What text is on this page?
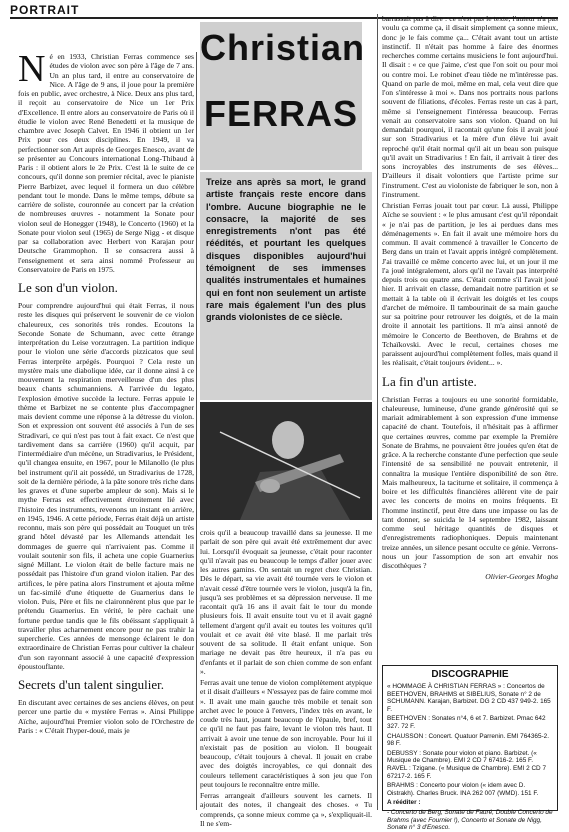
PORTRAIT
N é en 1933, Christian Ferras commence ses études de violon avec son père à l'âge de 7 ans. Un an plus tard, il entre au conservatoire de Nice. A l'âge de 9 ans, il joue pour la première fois en public, avec orchestre, à Nice. Deux ans plus tard, il reçoit au conservatoire de Nice un 1er Prix d'Excellence. Il entre alors au conservatoire de Paris où il étudie le violon avec René Benedetti et la musique de chambre avec Joseph Calvet. En 1946 il obtient un 1er Prix pour ces deux disciplines. En 1949, il va perfectionner son Art auprès de Georges Enesco, avant de se présenter au Concours international Long-Thibaud à Paris : il obtient alors le 2e Prix. C'est là le suite de ce concours, qu'il donne son premier récital, avec le pianiste Pierre Barbizet, avec lequel il formera un duo célèbre pendant tout le monde. Dans le même temps, débute sa carrière de soliste, couronnée au concert par la création de nombreuses œuvres - notamment la Sonate pour violon seul de Honegger (1948), le Concerto (1960) et la Sonate pour violon seul (1965) de Serge Nigg - et disque par sa collaboration avec Herbert von Karajan pour Deutsche Grammophon. Il se consacrera aussi à l'enseignement et sera ainsi nommé Professeur au Conservatoire de Paris en 1975.

Le son d'un violon.

Pour comprendre aujourd'hui qui était Ferras, il nous reste les disques qui préservent le souvenir de ce violon chaleureux, ces sonorités très rondes. Ecoutons la Seconde Sonate de Schumann, avec cette étrange interprétation du Leise vorzutragen. La partition indique pour le violon une série d'accords pizzicatos que seul Ferras interprète arpégés. Pourquoi ? Cela reste un mystère mais une diabolique idée, car il donne ainsi à ce mouvement la respiration merveilleuse d'un des plus beaux chants schumanniens. A l'arrivée du legato, l'explosion émotive succède la lecture. Ferras appuie le thème et Barbizet ne se contente plus d'accompagner mais devient comme une réponse à la détresse du violon. Son et expression ont souvent été associés à l'un de ses Stradivari, ce qui n'est pas tout à fait exact. Ce n'est que tardivement dans sa carrière (1960) qu'il acquit, par l'intermédiaire d'un mécène, un Stradivarius, le Président, qu'il changea ensuite, en 1967, pour le Milanollo (le plus bel instrument qu'il ait possédé, un Stradivarius de 1728, soit de la dernière période, à la pâte sonore très riche dans les graves et d'une superbe ampleur de son). Mais si le mythe Ferras est effectivement étroitement lié avec l'histoire des instruments, revenons un instant en arrière, en 1945, 1946. A cette période, Ferras était déjà un artiste reconnu, mais son père qui possédait au Touquet un très grand hôtel dévasté par les Allemands attendait les dommages de guerre qui n'arrivaient pas. Comme il voulait soutenir son fils, il acheta une copie Guarnerius signé Millant. Le violon était de belle facture mais ne possédait pas l'histoire d'un grand violon italien. Par des artifices, le père patina alors l'instrument et ajouta même un fac-similé d'une étiquette de Guarnerius dans le violon. Puis, Père et fils ne claironnèrent plus que par le prétendu Guarnerius. En vérité, le père cachait une fortune perdue tandis que le fils obéissant s'appliquait à travailler plus acharnement encore pour ne pas trahir la supercherie. Ces années de mensonge éclairent le don extraordinaire de Christian Ferras pour cultiver la chaleur d'un son rayonnant associé à une capacité d'expression époustouflante.

Secrets d'un talent singulier.

En discutant avec certaines de ses anciens élèves, on peut percer une partie du « mystère Ferras ». Ainsi Philippe Aïche, aujourd'hui Premier violon solo de l'Orchestre de Paris : « C'était l'hyper-doué, mais je

Christian
FERRAS
Treize ans après sa mort, le grand artiste français reste encore dans l'ombre. Aucune biographie ne le consacre, la majorité de ses enregistrements n'ont pas été réédités, et pourtant les quelques disques disponibles aujourd'hui témoignent de ses immenses qualités instrumentales et humaines qui en font non seulement un artiste rare mais également l'un des plus grands violonistes de ce siècle.

crois qu'il a beaucoup travaillé dans sa jeunesse. Il me parlait de son père qui avait été extrêmement dur avec lui. Lorsqu'il évoquait sa jeunesse, c'était pour raconter qu'il n'avait pas eu beaucoup le temps d'aller jouer avec les autres gamins. On sentait un regret chez Christian. Dès le départ, sa vie avait été tournée vers le violon et n'avait cessé d'être tournée vers le violon, jusqu'à la fin, jusqu'à ses problèmes et sa dépression nerveuse. Il me racontait qu'à 16 ans il avait fait le tour du monde plusieurs fois. Il avait ensuite tout vu et il avait gagné tellement d'argent qu'il avait eu toutes les voitures qu'il voulait et ce avait été vite blasé. Il me parlait très souvent de sa solitude. Il était enfant unique. Son mariage ne devait pas être heureux, il n'a pas eu d'enfants et il parlait de son chien comme de son enfant ».

Ferras avait une tenue de violon complètement atypique et il disait d'ailleurs « N'essayez pas de faire comme moi ». Il avait une main gauche très mobile et tenait son archet avec le pouce à l'envers, l'index très en avant, le coude très haut, jouant beaucoup de l'épaule, bref, tout ce qu'il ne faut pas faire, levant le violon très haut. Il arrivait à avoir une tenue de son incroyable. Pour lui il n'existait pas de position au violon. Il bougeait beaucoup, c'était toujours à cheval. Il jouait en crabe avec des doigtés incroyables, ce qui donnait des couleurs tellement caractéristiques à son jeu que l'on peut toujours le reconnaître entre mille.

Ferras arrangeait d'ailleurs souvent les carnets. Il ajoutait des notes, il changeait des choses. « Tu comprends, ça sonne mieux comme ça », s'expliquait-il. Il ne s'em-

barrassait pas à dire : ce n'est pas le texte, l'auteur n'a pas voulu ça comme ça, il disait simplement ça sonne mieux, donc je le fais comme ça... C'était avant tout un artiste instinctif. Il n'était pas homme à faire des énormes recherches comme certains musiciens le font aujourd'hui. Il disait : « ce que j'aime, c'est que l'on soit ou pour moi ou contre moi. Le robinet d'eau tiède ne m'intéresse pas. Quand on parle de moi, même en mal, cela veut dire que l'on s'intéresse à moi ». Dans nos portraits nous parlons souvent de filiations, d'écoles. Ferras reste un cas à part, même si l'enseignement l'intéressa beaucoup. Ferras venait au conservatoire sans son violon. Quand on lui demandait pourquoi, il racontait qu'une fois il avait joué sur son Stradivarius et la mère d'un élève lui avait reproché qu'il était normal qu'il ait un beau son puisque qu'il avait un Stradivarius ! En fait, il arrivait à tirer des sons incroyables des instruments de ses élèves... D'ailleurs il disait volontiers que l'artiste prime sur l'instrument. C'est au violoniste de fabriquer le son, non à l'instrument.

Christian Ferras jouait tout par cœur. Là aussi, Philippe Aïche se souvient : « le plus amusant c'est qu'il répondait « je n'ai pas de partition, je les ai perdues dans mes déménagements ». En fait il avait une mémoire hors du commun. Il avait commencé à travailler le Concerto de Berg dans un train et l'avait appris intégré complètement. J'ai travaillé ce même concerto avec lui, et un jour il me l'a joué intégralement, alors qu'il ne l'avait pas interprété depuis trois ou quatre ans. C'était comme s'il l'avait joué hier. Il arrivait en classe, demandait notre partition et se mettait à la table où il écrivait les doigtés et les coups d'archet de mémoire. Il tambourinait de sa main gauche sur sa poitrine pour retrouver les doigtés, et de la main droite il annotait les partitions. Il m'a ainsi annoté de mémoire le Concerto de Beethoven, de Brahms et de Tchaïkovski. Avec le recul, certaines choses me paraissent aujourd'hui complètement folles, mais quand il les réalisait, c'était toujours évident... ».

La fin d'un artiste.

Christian Ferras a toujours eu une sonorité formidable, chaleureuse, lumineuse, d'une grande générosité qui se mariait admirablement à son expression d'une immense capacité de chant. Toutefois, il n'hésitait pas à affirmer que certaines œuvres, comme par exemple la Première Sonate de Brahms, ne pouvaient être jouées qu'en état de grâce. A la recherche constante d'une perfection que seule l'intensité de sa sensibilité ne pouvait entretenir, il connaîtra la musique l'entière disponibilité de son être. Mais malheureux, la taciturne et solitaire, il commença à boire et les difficultés financières allèrent vite de pair avec les concerts de moins en moins fréquents. Et l'homme instinctif, peut être dans une impasse ou las de tant donner, se suicida le 14 septembre 1982, laissant comme seul héritage quantités de disques et d'enregistrements radiophoniques. Depuis maintenant treize années, un silence pesant occulte ce génie. Verrons-nous un jour l'assomption de son art envahir nos discothèques ?

Olivier-Georges Mogha
DISCOGRAPHIE

« HOMMAGE À CHRISTIAN FERRAS » : Concertos de BEETHOVEN, BRAHMS et SIBELIUS, Sonate n° 2 de SCHUMANN. Karajan, Barbizet. DG 2 CD 437 949-2. 165 F.

BEETHOVEN : Sonates n°4, 6 et 7. Barbizet. Pmac 642 327. 72 F.

CHAUSSON : Concert. Quatuor Parrenin. EMI 764365-2. 98 F.

DEBUSSY : Sonate pour violon et piano. Barbizet. (« Musique de Chambre). EMI 2 CD 7 67416-2. 165 F. RAVEL : Tzigane. (« Musique de Chambre). EMI 2 CD 7 67217-2. 165 F.

BRAHMS : Concerto pour violon (« idem avec D. Oistrakh). Charles Bruck. INA 262 007 (WMD). 151 F.

A rééditer :

- Concerto de Berg, Sonate de Fauré, Double Concerto de Brahms (avec Fournier !), Concerto et Sonate de Nigg, Sonate n° 3 d'Enesco.
